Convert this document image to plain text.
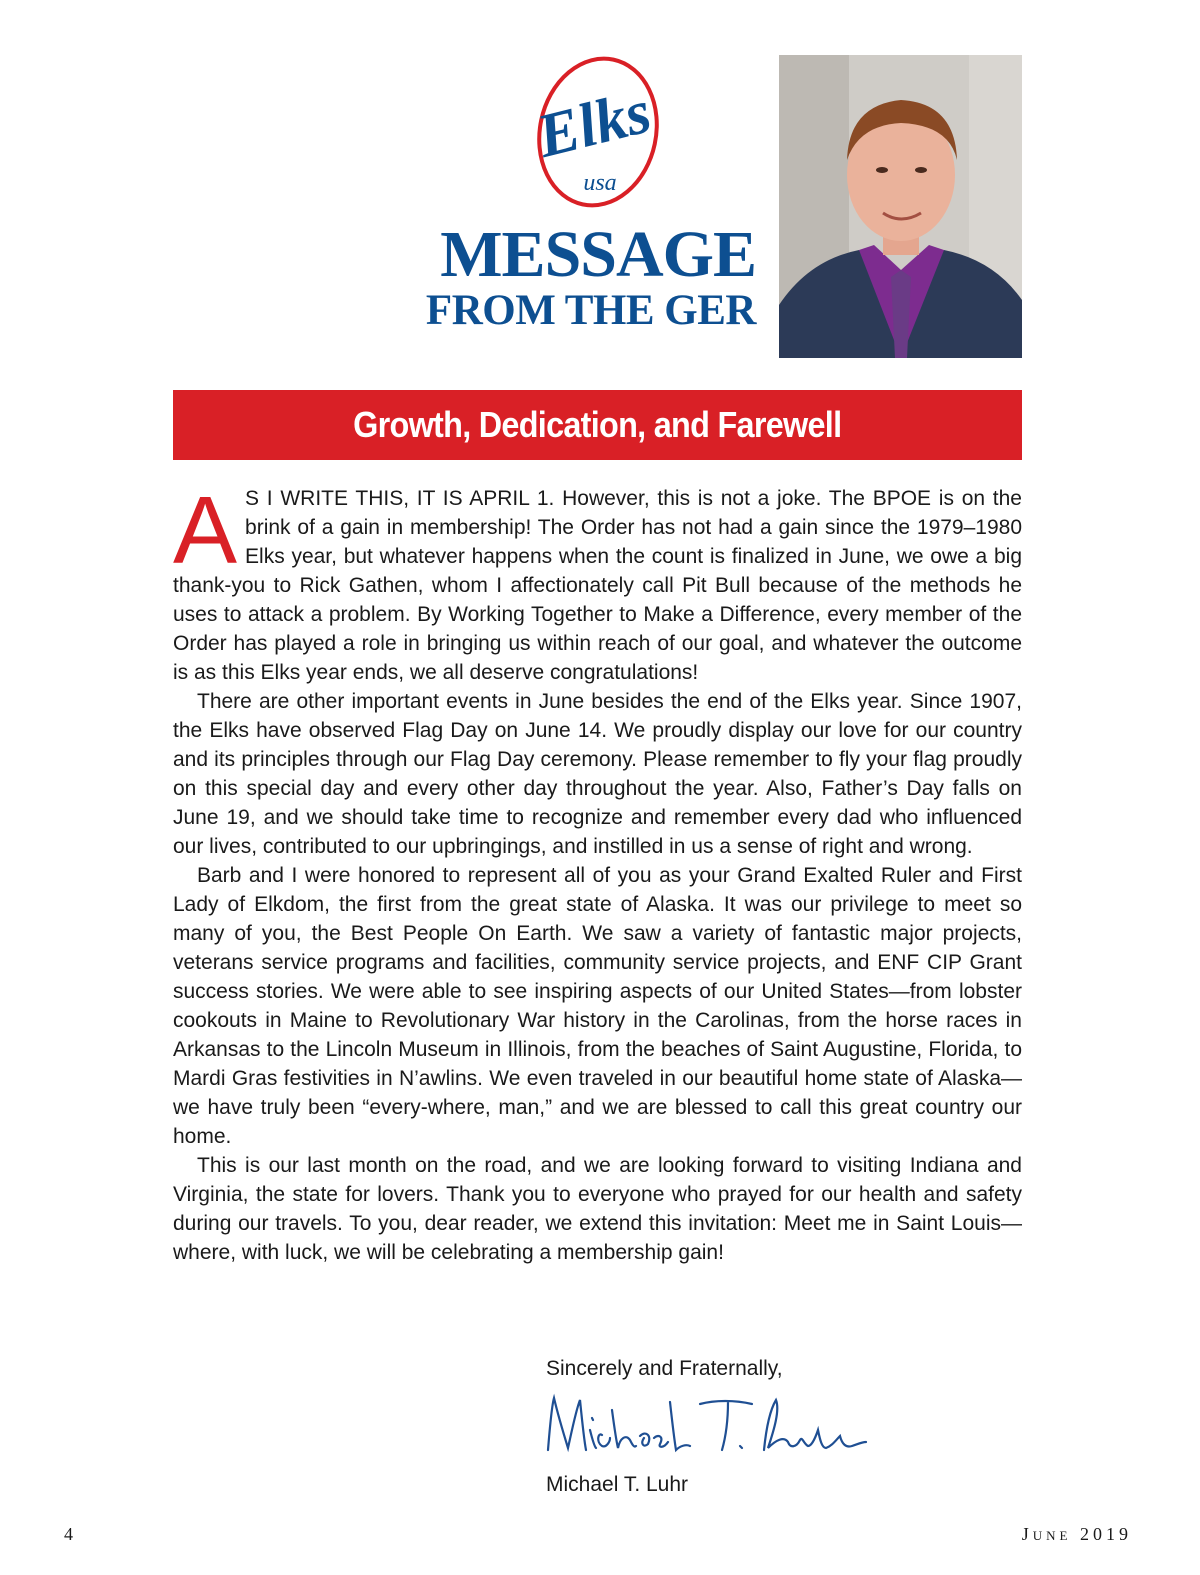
Elks
usa
MESSAGE
FROM THE GER
Growth, Dedication, and Farewell

A S I WRITE THIS, IT IS APRIL 1. However, this is not a joke. The BPOE is on the brink of a gain in membership! The Order has not had a gain since the 1979–1980 Elks year, but whatever happens when the count is finalized in June, we owe a big thank-you to Rick Gathen, whom I affectionately call Pit Bull because of the methods he uses to attack a problem. By Working Together to Make a Difference, every member of the Order has played a role in bringing us within reach of our goal, and whatever the outcome is as this Elks year ends, we all deserve congratulations!

There are other important events in June besides the end of the Elks year. Since 1907, the Elks have observed Flag Day on June 14. We proudly display our love for our country and its principles through our Flag Day ceremony. Please remember to fly your flag proudly on this special day and every other day throughout the year. Also, Father’s Day falls on June 19, and we should take time to recognize and remember every dad who influenced our lives, contributed to our upbringings, and instilled in us a sense of right and wrong.

Barb and I were honored to represent all of you as your Grand Exalted Ruler and First Lady of Elkdom, the first from the great state of Alaska. It was our privilege to meet so many of you, the Best People On Earth. We saw a variety of fantastic major projects, veterans service programs and facilities, community service projects, and ENF CIP Grant success stories. We were able to see inspiring aspects of our United States—from lobster cookouts in Maine to Revolutionary War history in the Carolinas, from the horse races in Arkansas to the Lincoln Museum in Illinois, from the beaches of Saint Augustine, Florida, to Mardi Gras festivities in N’awlins. We even traveled in our beautiful home state of Alaska—we have truly been “every-where, man,” and we are blessed to call this great country our home.

This is our last month on the road, and we are looking forward to visiting Indiana and Virginia, the state for lovers. Thank you to everyone who prayed for our health and safety during our travels. To you, dear reader, we extend this invitation: Meet me in Saint Louis—where, with luck, we will be celebrating a membership gain!

Sincerely and Fraternally,
Michael T. Luhr
4	June 2019
